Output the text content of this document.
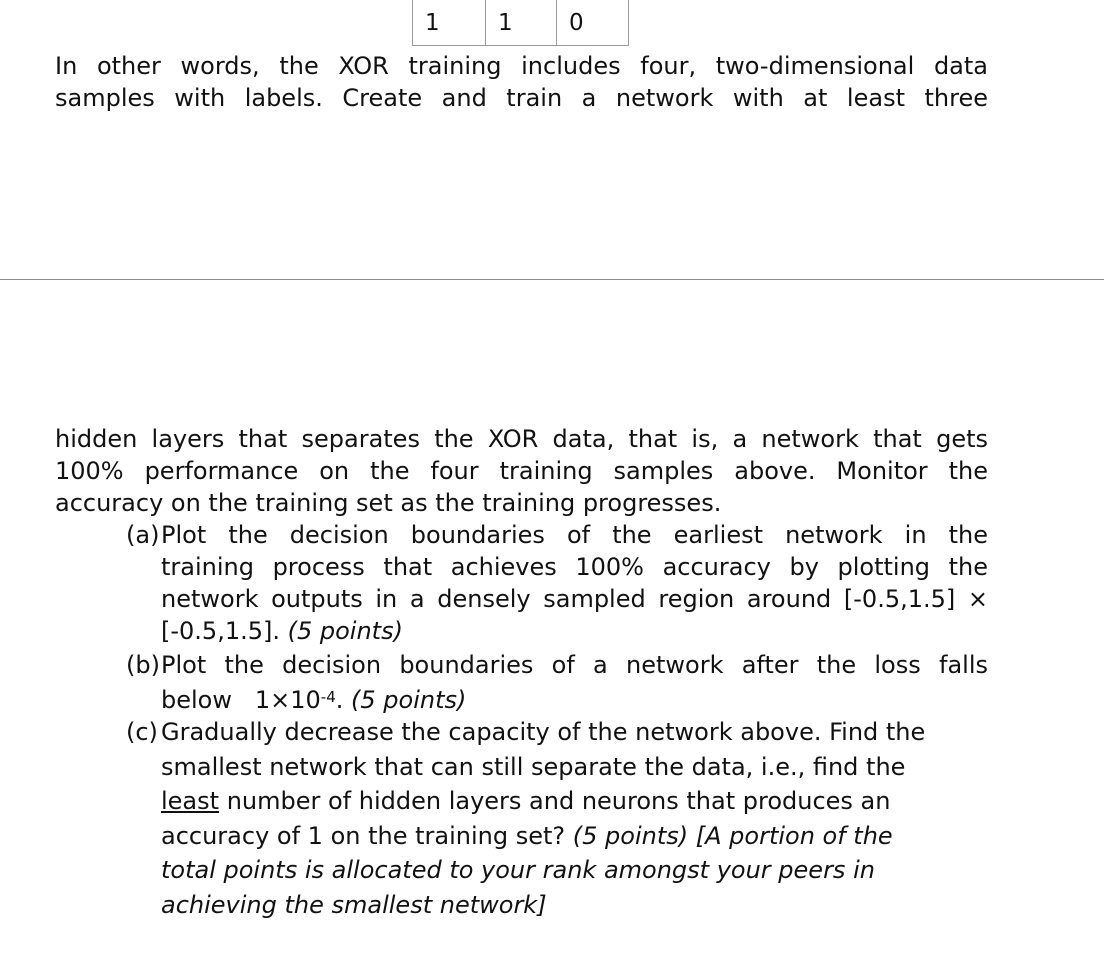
1	1	0
In other words, the XOR training includes four, two-dimensional data
samples with labels. Create and train a network with at least three
hidden layers that separates the XOR data, that is, a network that gets
100% performance on the four training samples above. Monitor the
accuracy on the training set as the training progresses.
(a) Plot the decision boundaries of the earliest network in the
training process that achieves 100% accuracy by plotting the
network outputs in a densely sampled region around [-0.5,1.5] ×
[-0.5,1.5]. (5 points)
(b) Plot the decision boundaries of a network after the loss falls
below   $1\times 10^{-4}$. (5 points)
(c) Gradually decrease the capacity of the network above. Find the
smallest network that can still separate the data, i.e., find the
least number of hidden layers and neurons that produces an
accuracy of 1 on the training set? (5 points) [A portion of the
total points is allocated to your rank amongst your peers in
achieving the smallest network]
